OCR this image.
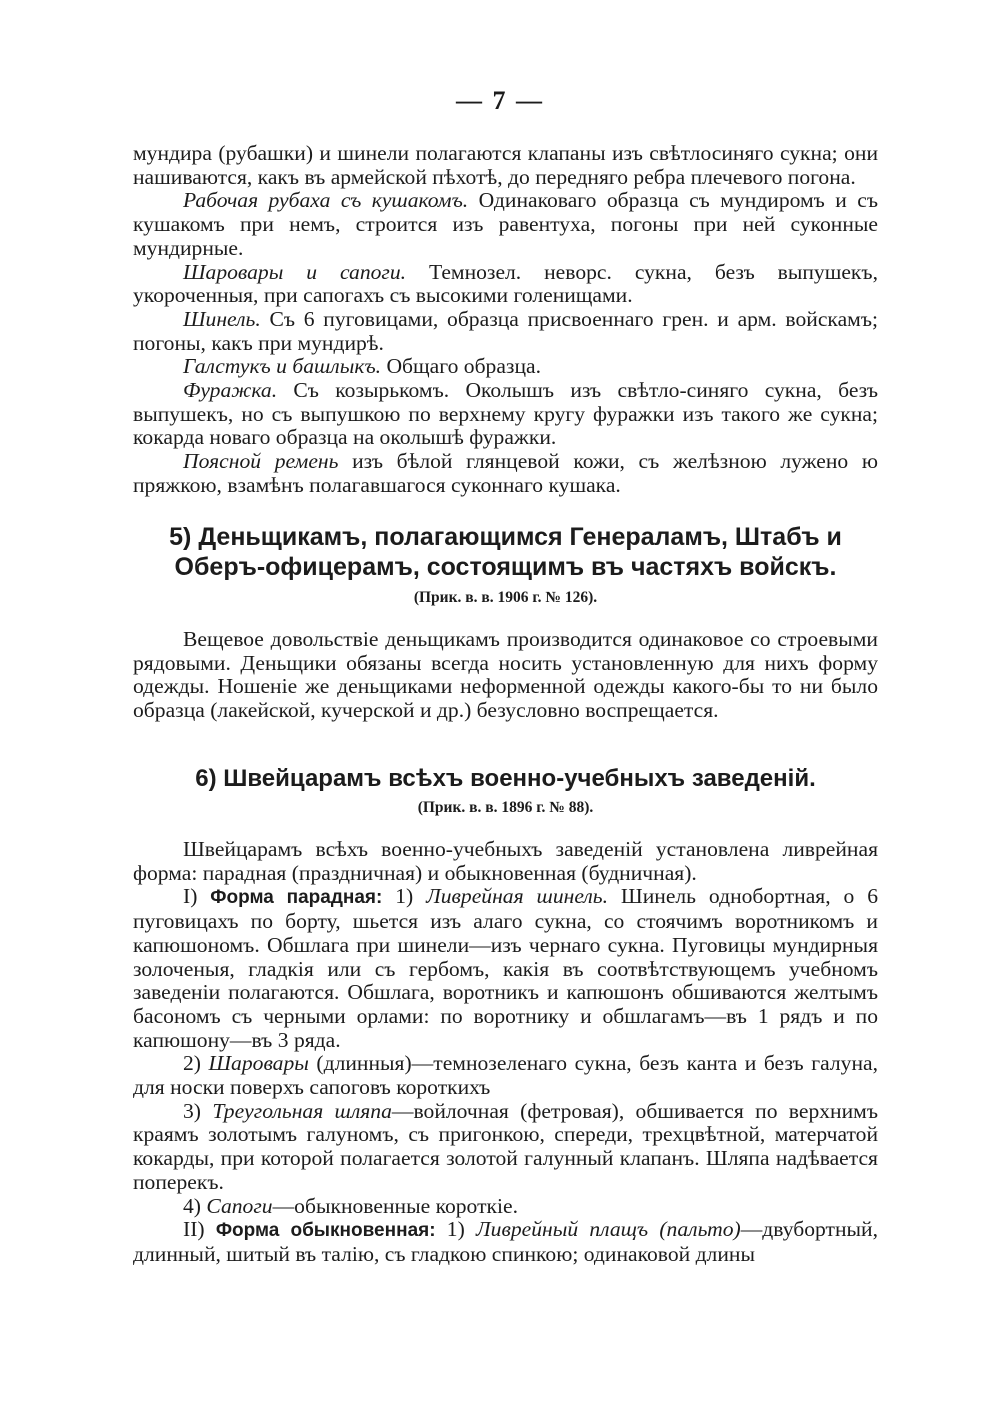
— 7 —

мундира (рубашки) и шинели полагаются клапаны изъ свѣтлосиняго сукна; они нашиваются, какъ въ армейской пѣхотѣ, до передняго ребра плечевого погона.

Рабочая рубаха съ кушакомъ. Одинаковаго образца съ мундиромъ и съ кушакомъ при немъ, строится изъ равентуха, погоны при ней суконные мундирные.

Шаровары и сапоги. Темнозел. неворс. сукна, безъ выпушекъ, укороченныя, при сапогахъ съ высокими голенищами.

Шинель. Съ 6 пуговицами, образца присвоеннаго грен. и арм. войскамъ; погоны, какъ при мундирѣ.

Галстукъ и башлыкъ. Общаго образца.

Фуражка. Съ козырькомъ. Околышъ изъ свѣтло-синяго сукна, безъ выпушекъ, но съ выпушкою по верхнему кругу фуражки изъ такого же сукна; кокарда новаго образца на околышѣ фуражки.

Поясной ремень изъ бѣлой глянцевой кожи, съ желѣзною лужено ю пряжкою, взамѣнъ полагавшагося суконнаго кушака.

5) Деньщикамъ, полагающимся Генераламъ, Штабъ и Оберъ-офицерамъ, состоящимъ въ частяхъ войскъ.

(Прик. в. в. 1906 г. № 126).

Вещевое довольствіе деньщикамъ производится одинаковое со строевыми рядовыми. Деньщики обязаны всегда носить установленную для нихъ форму одежды. Ношеніе же деньщиками неформенной одежды какого-бы то ни было образца (лакейской, кучерской и др.) безусловно воспрещается.

6) Швейцарамъ всѣхъ военно-учебныхъ заведеній.

(Прик. в. в. 1896 г. № 88).

Швейцарамъ всѣхъ военно-учебныхъ заведеній установлена ливрейная форма: парадная (праздничная) и обыкновенная (будничная).

I) Форма парадная: 1) Ливрейная шинель. Шинель однобортная, о 6 пуговицахъ по борту, шьется изъ алаго сукна, со стоячимъ воротникомъ и капюшономъ. Обшлага при шинели—изъ чернаго сукна. Пуговицы мундирныя золоченыя, гладкія или съ гербомъ, какія въ соотвѣтствующемъ учебномъ заведеніи полагаются. Обшлага, воротникъ и капюшонъ обшиваются желтымъ басономъ съ черными орлами: по воротнику и обшлагамъ—въ 1 рядъ и по капюшону—въ 3 ряда.

2) Шаровары (длинныя)—темнозеленаго сукна, безъ канта и безъ галуна, для носки поверхъ сапоговъ короткихъ

3) Треугольная шляпа—войлочная (фетровая), обшивается по верхнимъ краямъ золотымъ галуномъ, съ пригонкою, спереди, трехцвѣтной, матерчатой кокарды, при которой полагается золотой галунный клапанъ. Шляпа надѣвается поперекъ.

4) Сапоги—обыкновенные короткіе.

II) Форма обыкновенная: 1) Ливрейный плащъ (пальто)—двубортный, длинный, шитый въ талію, съ гладкою спинкою; одинаковой длины
